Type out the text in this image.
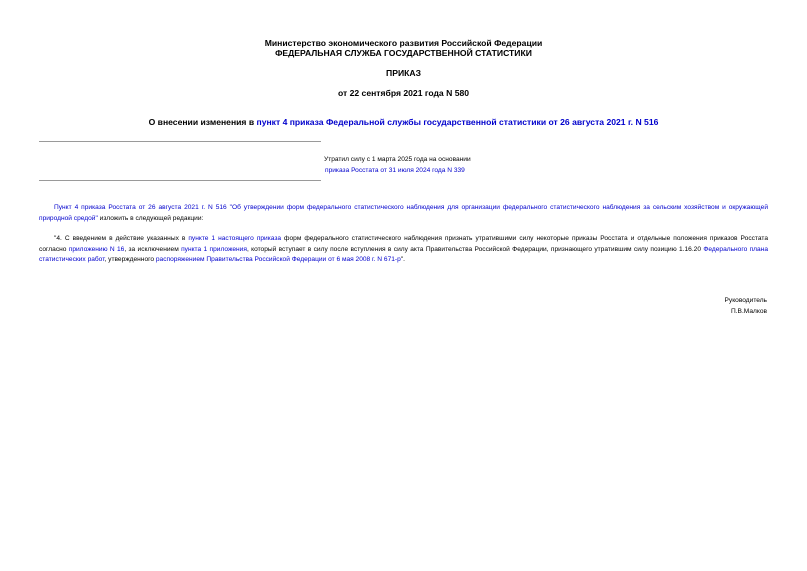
Министерство экономического развития Российской Федерации
ФЕДЕРАЛЬНАЯ СЛУЖБА ГОСУДАРСТВЕННОЙ СТАТИСТИКИ
ПРИКАЗ
от 22 сентября 2021 года N 580
О внесении изменения в пункт 4 приказа Федеральной службы государственной статистики от 26 августа 2021 г. N 516
Утратил силу с 1 марта 2025 года на основании
приказа Росстата от 31 июля 2024 года N 339
Пункт 4 приказа Росстата от 26 августа 2021 г. N 516 "Об утверждении форм федерального статистического наблюдения для организации федерального статистического наблюдения за сельским хозяйством и окружающей природной средой" изложить в следующей редакции:
"4. С введением в действие указанных в пункте 1 настоящего приказа форм федерального статистического наблюдения признать утратившими силу некоторые приказы Росстата и отдельные положения приказов Росстата согласно приложению N 16, за исключением пункта 1 приложения, который вступает в силу после вступления в силу акта Правительства Российской Федерации, признающего утратившим силу позицию 1.16.20 Федерального плана статистических работ, утвержденного распоряжением Правительства Российской Федерации от 6 мая 2008 г. N 671-р".
Руководитель
П.В.Малков
